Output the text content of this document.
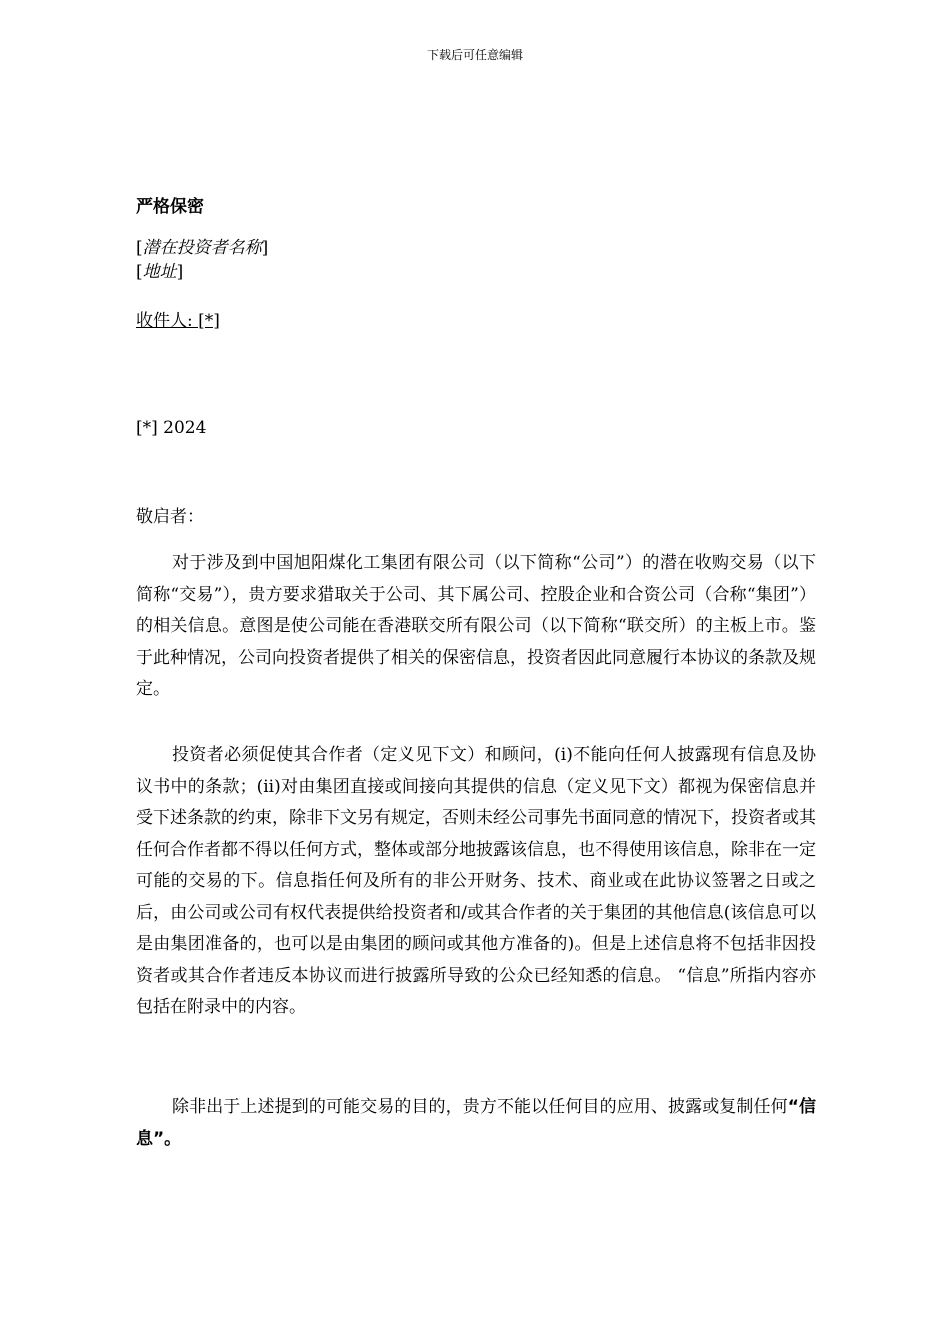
下载后可任意编辑
严格保密
[潜在投资者名称]
[地址]
收件人: [*]
[*] 2024
敬启者：

对于涉及到中国旭阳煤化工集团有限公司（以下简称“公司”）的潜在收购交易（以下简称“交易”），贵方要求猎取关于公司、其下属公司、控股企业和合资公司（合称“集团”）的相关信息。意图是使公司能在香港联交所有限公司（以下简称“联交所）的主板上市。鉴于此种情况，公司向投资者提供了相关的保密信息，投资者因此同意履行本协议的条款及规定。

投资者必须促使其合作者（定义见下文）和顾问，(i)不能向任何人披露现有信息及协议书中的条款；(ii)对由集团直接或间接向其提供的信息（定义见下文）都视为保密信息并受下述条款的约束，除非下文另有规定，否则未经公司事先书面同意的情况下，投资者或其任何合作者都不得以任何方式，整体或部分地披露该信息，也不得使用该信息，除非在一定可能的交易的下。信息指任何及所有的非公开财务、技术、商业或在此协议签署之日或之后，由公司或公司有权代表提供给投资者和/或其合作者的关于集团的其他信息(该信息可以是由集团准备的，也可以是由集团的顾问或其他方准备的)。但是上述信息将不包括非因投资者或其合作者违反本协议而进行披露所导致的公众已经知悉的信息。 “信息”所指内容亦包括在附录中的内容。

除非出于上述提到的可能交易的目的，贵方不能以任何目的应用、披露或复制任何“信息”。
